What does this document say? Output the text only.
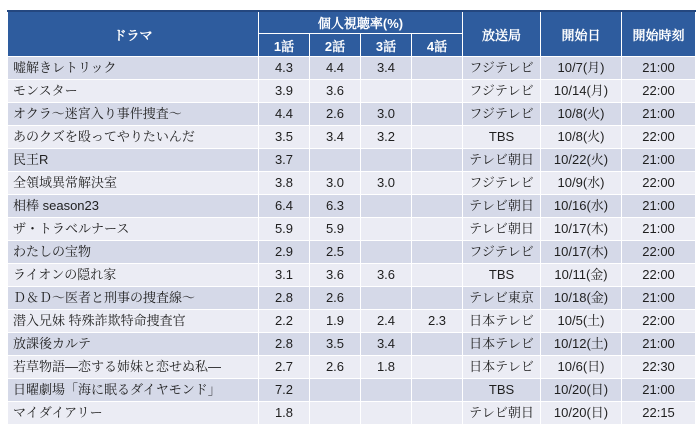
ドラマ	個人視聴率(%)				放送局	開始日	開始時刻
	1話	2話	3話	4話			
嘘解きレトリック	4.3	4.4	3.4		フジテレビ	10/7(月)	21:00
モンスター	3.9	3.6			フジテレビ	10/14(月)	22:00
オクラ～迷宮入り事件捜査～	4.4	2.6	3.0		フジテレビ	10/8(火)	21:00
あのクズを殴ってやりたいんだ	3.5	3.4	3.2		TBS	10/8(火)	22:00
民王R	3.7				テレビ朝日	10/22(火)	21:00
全領域異常解決室	3.8	3.0	3.0		フジテレビ	10/9(水)	22:00
相棒 season23	6.4	6.3			テレビ朝日	10/16(水)	21:00
ザ・トラベルナース	5.9	5.9			テレビ朝日	10/17(木)	21:00
わたしの宝物	2.9	2.5			フジテレビ	10/17(木)	22:00
ライオンの隠れ家	3.1	3.6	3.6		TBS	10/11(金)	22:00
Ｄ＆Ｄ～医者と刑事の捜査線～	2.8	2.6			テレビ東京	10/18(金)	21:00
潜入兄妹 特殊詐欺特命捜査官	2.2	1.9	2.4	2.3	日本テレビ	10/5(土)	22:00
放課後カルテ	2.8	3.5	3.4		日本テレビ	10/12(土)	21:00
若草物語―恋する姉妹と恋せぬ私―	2.7	2.6	1.8		日本テレビ	10/6(日)	22:30
日曜劇場「海に眠るダイヤモンド」	7.2				TBS	10/20(日)	21:00
マイダイアリー	1.8				テレビ朝日	10/20(日)	22:15
